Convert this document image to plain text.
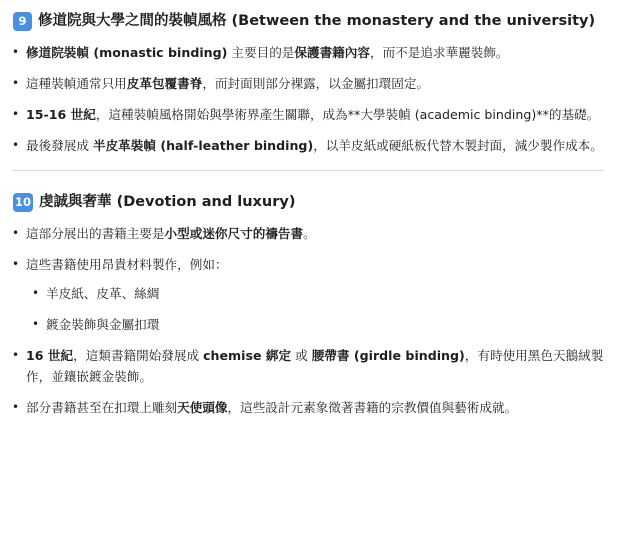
9 修道院與大學之間的裝幀風格 (Between the monastery and the university)
• 修道院裝幀 (monastic binding) 主要目的是保護書籍內容，而不是追求華麗裝飾。
• 這種裝幀通常只用皮革包覆書脊，而封面則部分裸露，以金屬扣環固定。
• 15-16 世紀，這種裝幀風格開始與學術界產生關聯，成為**大學裝幀 (academic binding)**的基礎。
• 最後發展成 半皮革裝幀 (half-leather binding)，以羊皮紙或硬紙板代替木製封面，減少製作成本。
10 虔誠與奢華 (Devotion and luxury)
• 這部分展出的書籍主要是小型或迷你尺寸的禱告書。
• 這些書籍使用昂貴材料製作，例如：
• 羊皮紙、皮革、絲綢
• 鍍金裝飾與金屬扣環
• 16 世紀，這類書籍開始發展成 chemise 綁定 或 腰帶書 (girdle binding)，有時使用黑色天鵝絨製作，並鑲嵌鍍金裝飾。
• 部分書籍甚至在扣環上雕刻天使頭像，這些設計元素象徵著書籍的宗教價值與藝術成就。
